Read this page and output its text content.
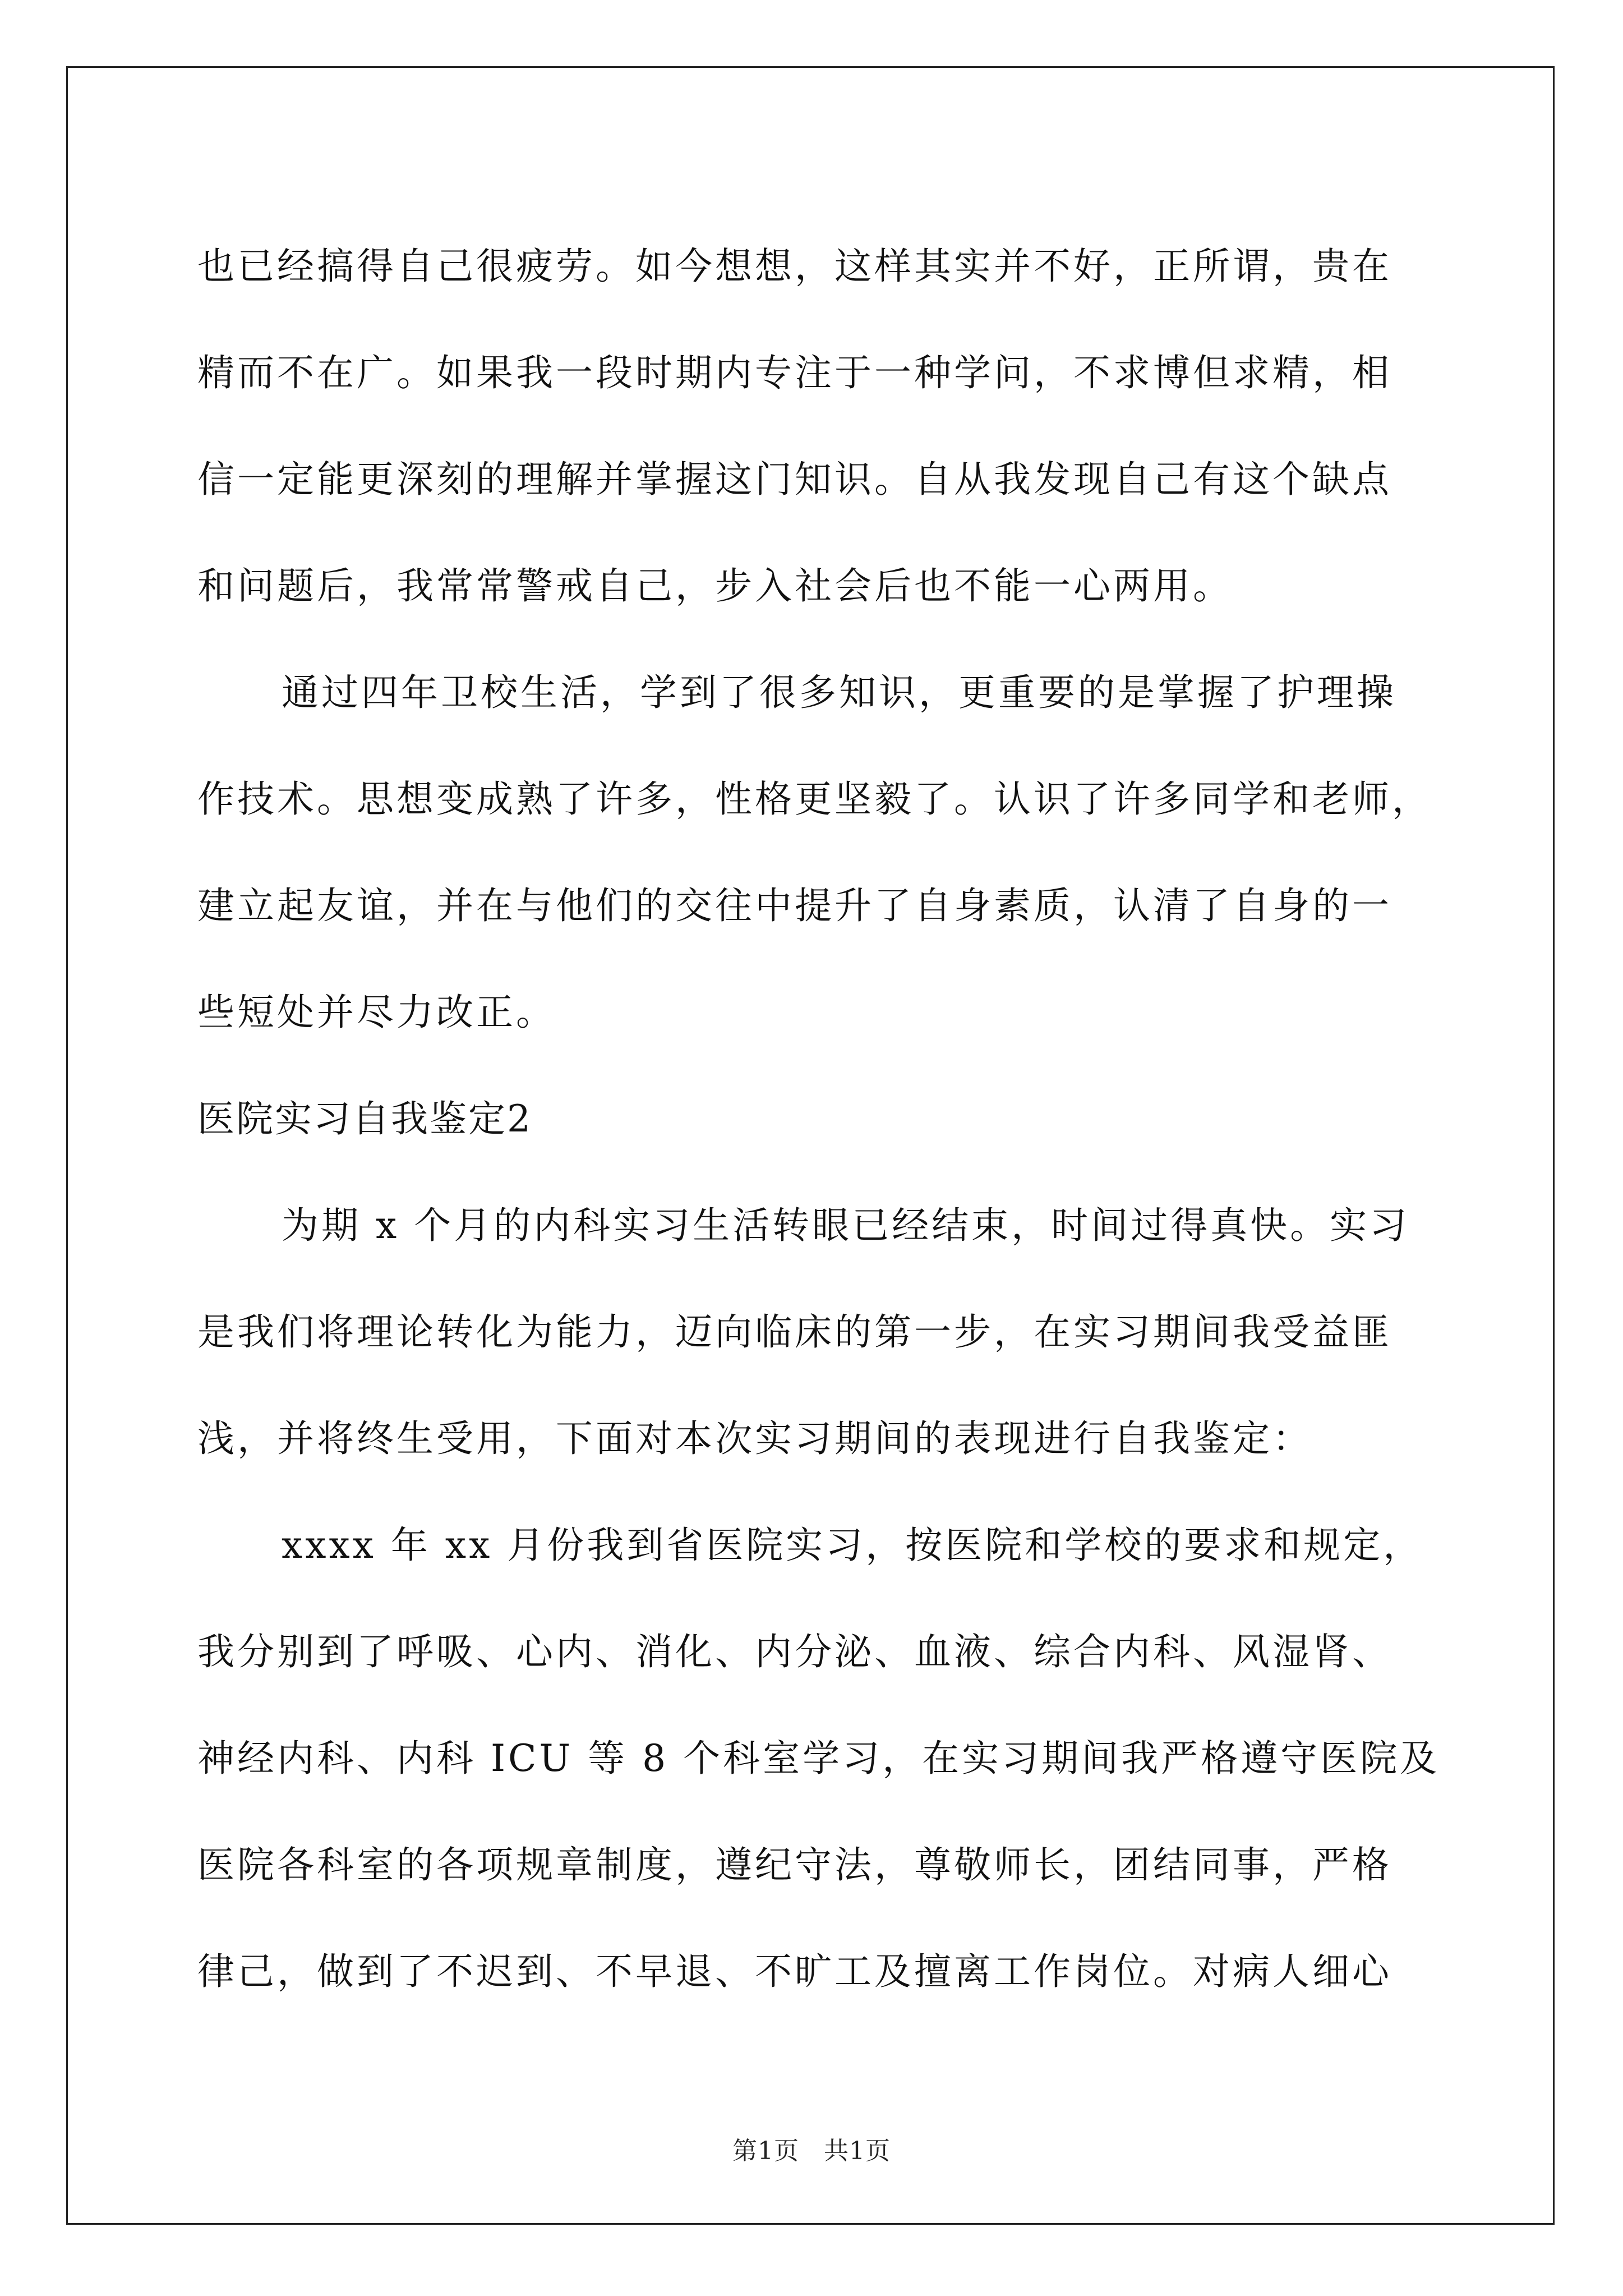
也已经搞得自己很疲劳。如今想想，这样其实并不好，正所谓，贵在
精而不在广。如果我一段时期内专注于一种学问，不求博但求精，相
信一定能更深刻的理解并掌握这门知识。自从我发现自己有这个缺点
和问题后，我常常警戒自己，步入社会后也不能一心两用。
通过四年卫校生活，学到了很多知识，更重要的是掌握了护理操
作技术。思想变成熟了许多，性格更坚毅了。认识了许多同学和老师，
建立起友谊，并在与他们的交往中提升了自身素质，认清了自身的一
些短处并尽力改正。
医院实习自我鉴定2
为期 x 个月的内科实习生活转眼已经结束，时间过得真快。实习
是我们将理论转化为能力，迈向临床的第一步，在实习期间我受益匪
浅，并将终生受用，下面对本次实习期间的表现进行自我鉴定：
xxxx 年 xx 月份我到省医院实习，按医院和学校的要求和规定，
我分别到了呼吸、心内、消化、内分泌、血液、综合内科、风湿肾、
神经内科、内科 ICU 等 8 个科室学习，在实习期间我严格遵守医院及
医院各科室的各项规章制度，遵纪守法，尊敬师长，团结同事，严格
律己，做到了不迟到、不早退、不旷工及擅离工作岗位。对病人细心
第1页 共1页
